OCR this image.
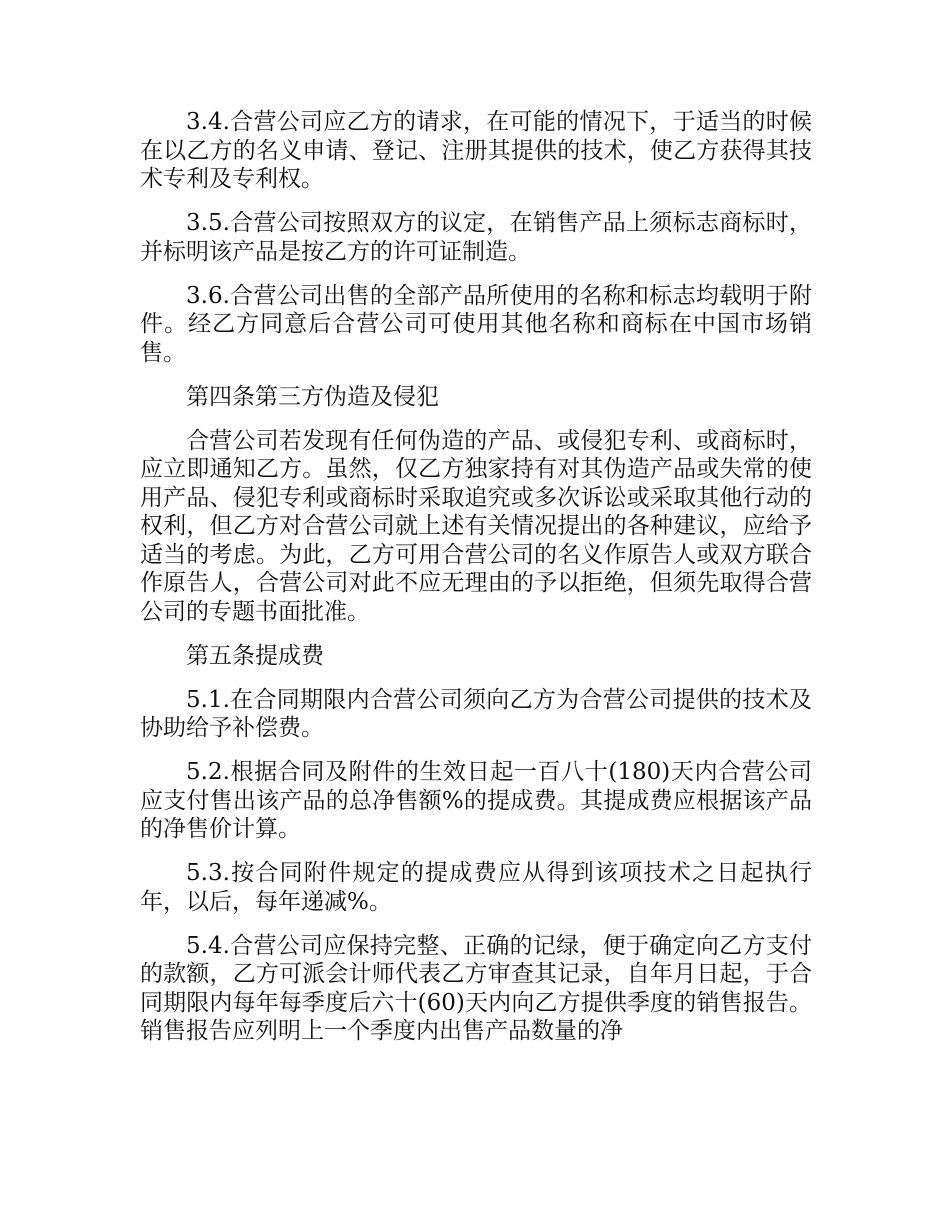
3.4.合营公司应乙方的请求，在可能的情况下，于适当的时候在以乙方的名义申请、登记、注册其提供的技术，使乙方获得其技术专利及专利权。

3.5.合营公司按照双方的议定，在销售产品上须标志商标时，并标明该产品是按乙方的许可证制造。

3.6.合营公司出售的全部产品所使用的名称和标志均载明于附件。经乙方同意后合营公司可使用其他名称和商标在中国市场销售。

第四条第三方伪造及侵犯

合营公司若发现有任何伪造的产品、或侵犯专利、或商标时，应立即通知乙方。虽然，仅乙方独家持有对其伪造产品或失常的使用产品、侵犯专利或商标时采取追究或多次诉讼或采取其他行动的权利，但乙方对合营公司就上述有关情况提出的各种建议，应给予适当的考虑。为此，乙方可用合营公司的名义作原告人或双方联合作原告人，合营公司对此不应无理由的予以拒绝，但须先取得合营公司的专题书面批准。

第五条提成费

5.1.在合同期限内合营公司须向乙方为合营公司提供的技术及协助给予补偿费。

5.2.根据合同及附件的生效日起一百八十(180)天内合营公司应支付售出该产品的总净售额%的提成费。其提成费应根据该产品的净售价计算。

5.3.按合同附件规定的提成费应从得到该项技术之日起执行年，以后，每年递减%。

5.4.合营公司应保持完整、正确的记绿，便于确定向乙方支付的款额，乙方可派会计师代表乙方审查其记录，自年月日起，于合同期限内每年每季度后六十(60)天内向乙方提供季度的销售报告。销售报告应列明上一个季度内出售产品数量的净
